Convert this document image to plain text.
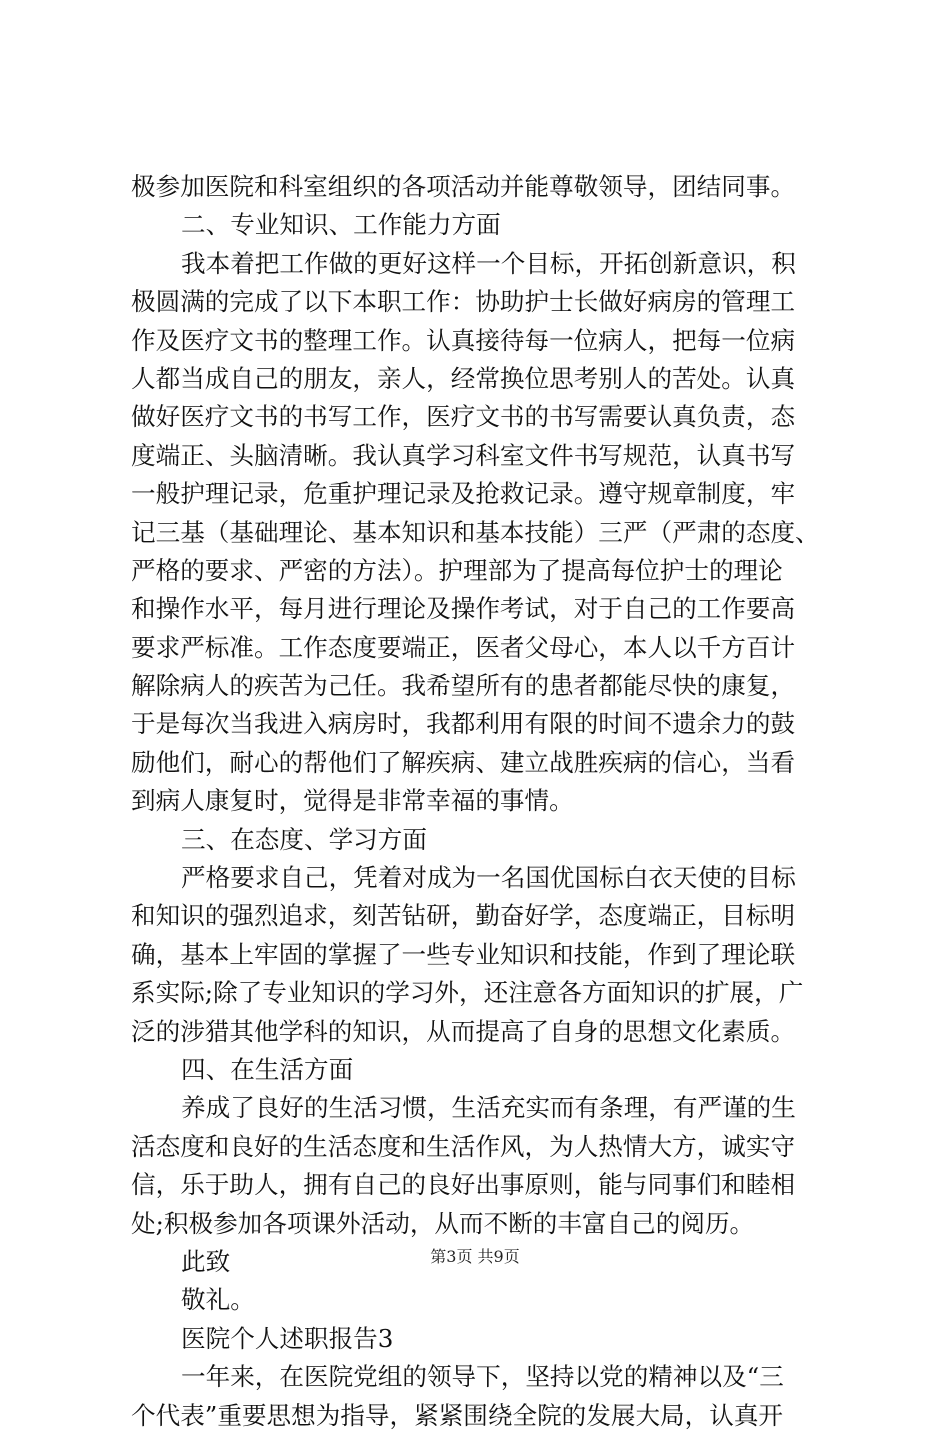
极参加医院和科室组织的各项活动并能尊敬领导，团结同事。
二、专业知识、工作能力方面
我本着把工作做的更好这样一个目标，开拓创新意识，积
极圆满的完成了以下本职工作：协助护士长做好病房的管理工
作及医疗文书的整理工作。认真接待每一位病人，把每一位病
人都当成自己的朋友，亲人，经常换位思考别人的苦处。认真
做好医疗文书的书写工作，医疗文书的书写需要认真负责，态
度端正、头脑清晰。我认真学习科室文件书写规范，认真书写
一般护理记录，危重护理记录及抢救记录。遵守规章制度，牢
记三基（基础理论、基本知识和基本技能）三严（严肃的态度、
严格的要求、严密的方法）。护理部为了提高每位护士的理论
和操作水平，每月进行理论及操作考试，对于自己的工作要高
要求严标准。工作态度要端正，医者父母心，本人以千方百计
解除病人的疾苦为己任。我希望所有的患者都能尽快的康复，
于是每次当我进入病房时，我都利用有限的时间不遗余力的鼓
励他们，耐心的帮他们了解疾病、建立战胜疾病的信心，当看
到病人康复时，觉得是非常幸福的事情。
三、在态度、学习方面
严格要求自己，凭着对成为一名国优国标白衣天使的目标
和知识的强烈追求，刻苦钻研，勤奋好学，态度端正，目标明
确，基本上牢固的掌握了一些专业知识和技能，作到了理论联
系实际;除了专业知识的学习外，还注意各方面知识的扩展，广
泛的涉猎其他学科的知识，从而提高了自身的思想文化素质。
四、在生活方面
养成了良好的生活习惯，生活充实而有条理，有严谨的生
活态度和良好的生活态度和生活作风，为人热情大方，诚实守
信，乐于助人，拥有自己的良好出事原则，能与同事们和睦相
处;积极参加各项课外活动，从而不断的丰富自己的阅历。
此致
敬礼。
医院个人述职报告3
一年来，在医院党组的领导下，坚持以党的精神以及“三
个代表”重要思想为指导，紧紧围绕全院的发展大局，认真开
第3页 共9页
